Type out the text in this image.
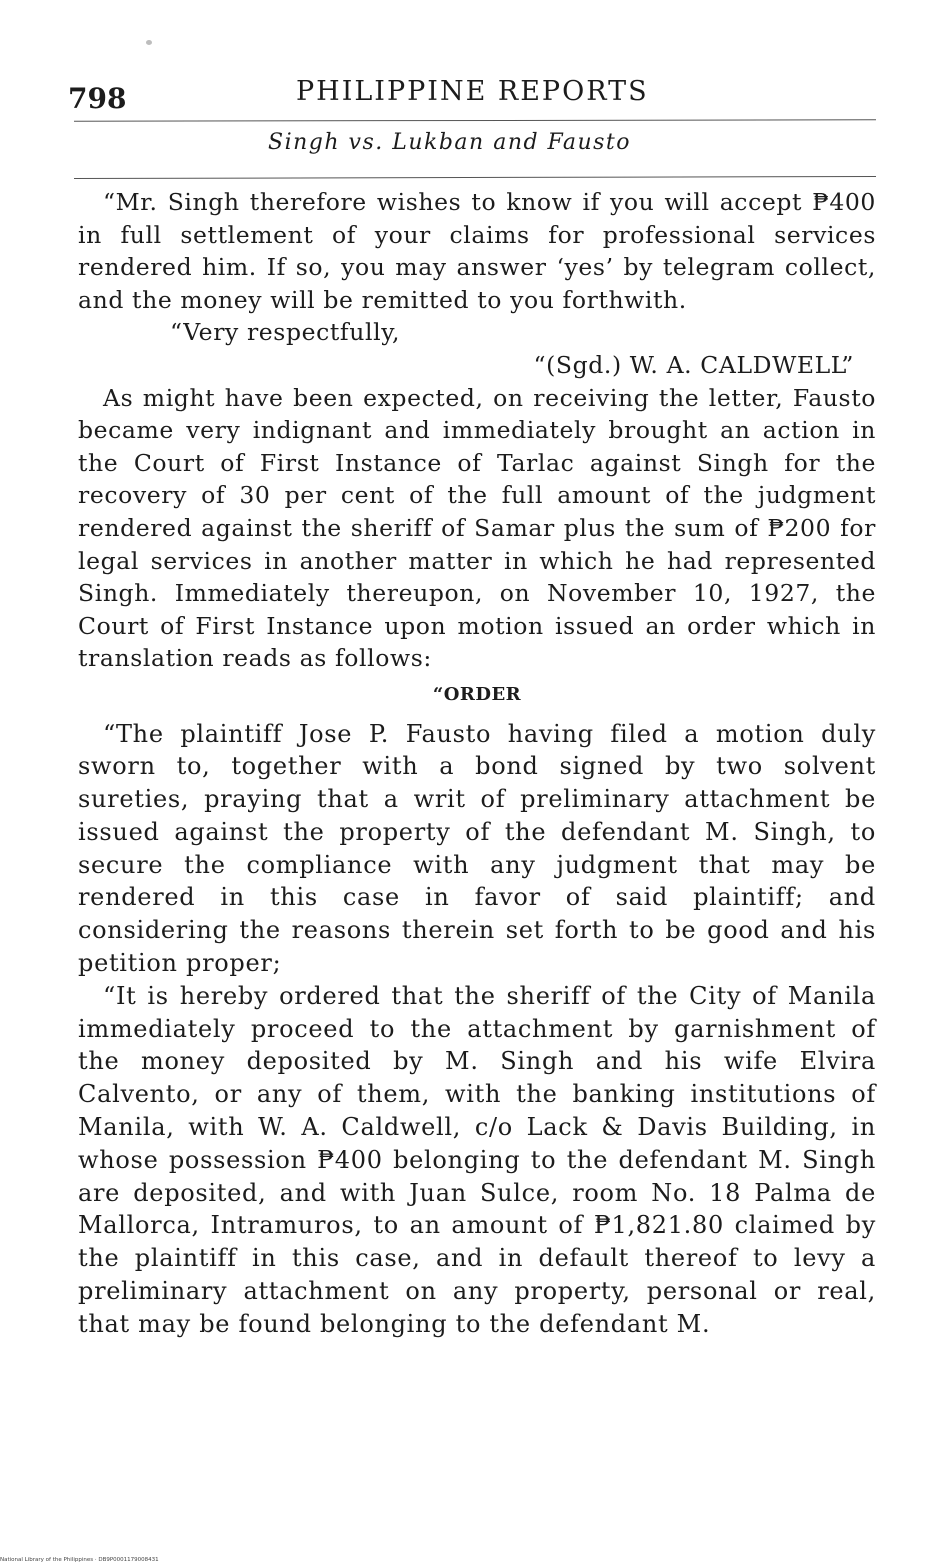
798	PHILIPPINE REPORTS
Singh vs. Lukban and Fausto

“Mr. Singh therefore wishes to know if you will accept ₱400 in full settlement of your claims for professional services rendered him. If so, you may answer ‘yes’ by telegram collect, and the money will be remitted to you forthwith.

“Very respectfully,

“(Sgd.) W. A. CALDWELL”

As might have been expected, on receiving the letter, Fausto became very indignant and immediately brought an action in the Court of First Instance of Tarlac against Singh for the recovery of 30 per cent of the full amount of the judgment rendered against the sheriff of Samar plus the sum of ₱200 for legal services in another matter in which he had represented Singh. Immediately thereupon, on November 10, 1927, the Court of First Instance upon motion issued an order which in translation reads as follows:

“ORDER

“The plaintiff Jose P. Fausto having filed a motion duly sworn to, together with a bond signed by two solvent sureties, praying that a writ of preliminary attachment be issued against the property of the defendant M. Singh, to secure the compliance with any judgment that may be rendered in this case in favor of said plaintiff; and considering the reasons therein set forth to be good and his petition proper;

“It is hereby ordered that the sheriff of the City of Manila immediately proceed to the attachment by garnishment of the money deposited by M. Singh and his wife Elvira Calvento, or any of them, with the banking institutions of Manila, with W. A. Caldwell, c/o Lack & Davis Building, in whose possession ₱400 belonging to the defendant M. Singh are deposited, and with Juan Sulce, room No. 18 Palma de Mallorca, Intramuros, to an amount of ₱1,821.80 claimed by the plaintiff in this case, and in default thereof to levy a preliminary attachment on any property, personal or real, that may be found belonging to the defendant M.

National Library of the Philippines · DB9P0001179008431
